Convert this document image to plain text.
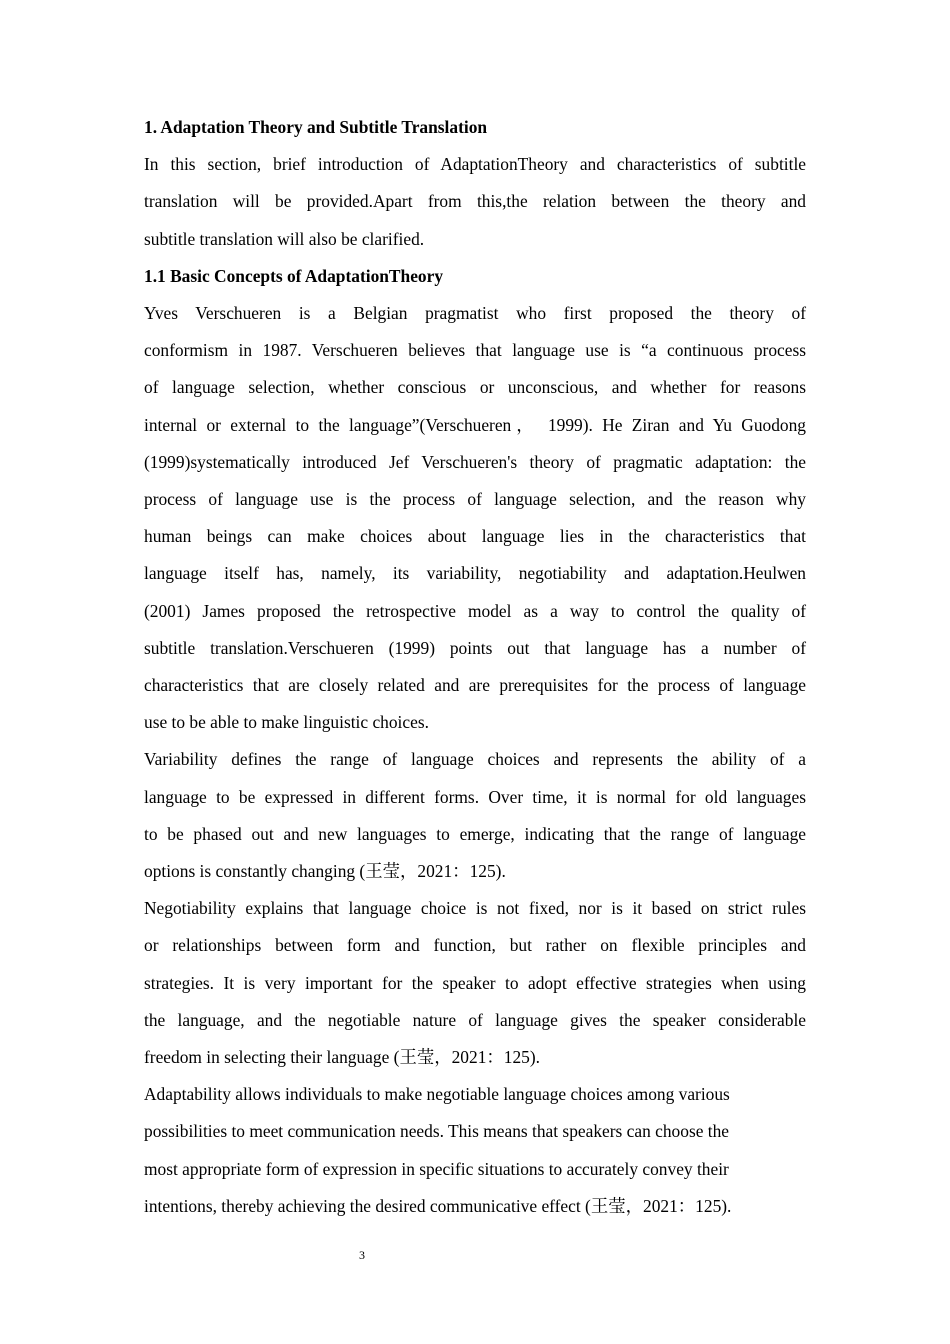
1. Adaptation Theory and Subtitle Translation
In this section, brief introduction of AdaptationTheory and characteristics of subtitle
translation will be provided.Apart from this,the relation between the theory and
subtitle translation will also be clarified.
1.1 Basic Concepts of AdaptationTheory
Yves Verschueren is a Belgian pragmatist who first proposed the theory of
conformism in 1987. Verschueren believes that language use is “a continuous process
of language selection, whether conscious or unconscious, and whether for reasons
internal or external to the language”(Verschueren， 1999). He Ziran and Yu Guodong
(1999)systematically introduced Jef Verschueren's theory of pragmatic adaptation: the
process of language use is the process of language selection, and the reason why
human beings can make choices about language lies in the characteristics that
language itself has, namely, its variability, negotiability and adaptation.Heulwen
(2001) James proposed the retrospective model as a way to control the quality of
subtitle translation.Verschueren (1999) points out that language has a number of
characteristics that are closely related and are prerequisites for the process of language
use to be able to make linguistic choices.
Variability defines the range of language choices and represents the ability of a
language to be expressed in different forms. Over time, it is normal for old languages
to be phased out and new languages to emerge, indicating that the range of language
options is constantly changing (王莹，2021：125).
Negotiability explains that language choice is not fixed, nor is it based on strict rules
or relationships between form and function, but rather on flexible principles and
strategies. It is very important for the speaker to adopt effective strategies when using
the language, and the negotiable nature of language gives the speaker considerable
freedom in selecting their language (王莹，2021：125).
Adaptability allows individuals to make negotiable language choices among various
possibilities to meet communication needs. This means that speakers can choose the
most appropriate form of expression in specific situations to accurately convey their
intentions, thereby achieving the desired communicative effect (王莹，2021：125).
3
